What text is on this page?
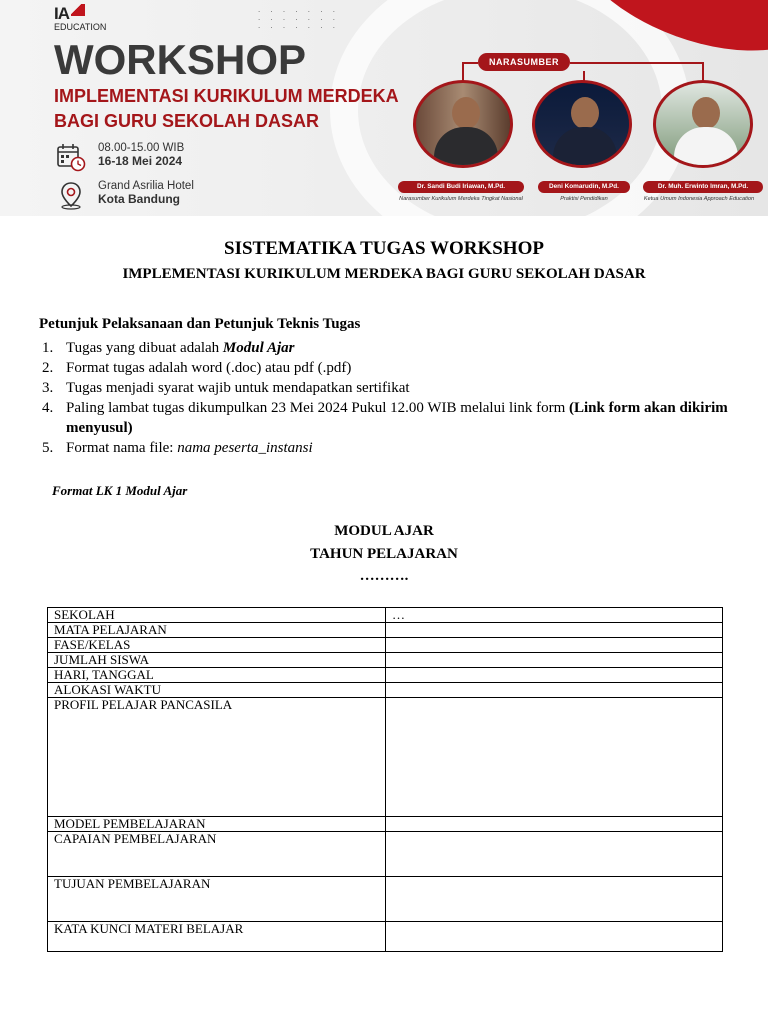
. . . . . . .
. . . . . . .
. . . . . . .
IA
EDUCATION
WORKSHOP
IMPLEMENTASI KURIKULUM MERDEKA
BAGI GURU SEKOLAH DASAR
08.00-15.00 WIB
16-18 Mei 2024
Grand Asrilia Hotel
Kota Bandung
NARASUMBER
Dr. Sandi Budi Iriawan, M.Pd.
Narasumber Kurikulum Merdeka Tingkat Nasional
Deni Komarudin, M.Pd.
Praktisi Pendidikan
Dr. Muh. Erwinto Imran, M.Pd.
Ketua Umum Indonesia Approach Education
SISTEMATIKA TUGAS WORKSHOP
IMPLEMENTASI KURIKULUM MERDEKA BAGI GURU SEKOLAH DASAR
Petunjuk Pelaksanaan dan Petunjuk Teknis Tugas
1. Tugas yang dibuat adalah Modul Ajar
2. Format tugas adalah word (.doc) atau pdf (.pdf)
3. Tugas menjadi syarat wajib untuk mendapatkan sertifikat
4. Paling lambat tugas dikumpulkan 23 Mei 2024 Pukul 12.00 WIB melalui link form (Link form akan dikirim menyusul)
5. Format nama file: nama peserta_instansi
Format LK 1 Modul Ajar
MODUL AJAR
TAHUN PELAJARAN
……….
SEKOLAH	…
MATA PELAJARAN	
FASE/KELAS	
JUMLAH SISWA	
HARI, TANGGAL	
ALOKASI WAKTU	
PROFIL PELAJAR PANCASILA	
MODEL PEMBELAJARAN	
CAPAIAN PEMBELAJARAN	
TUJUAN PEMBELAJARAN	
KATA KUNCI MATERI BELAJAR	
